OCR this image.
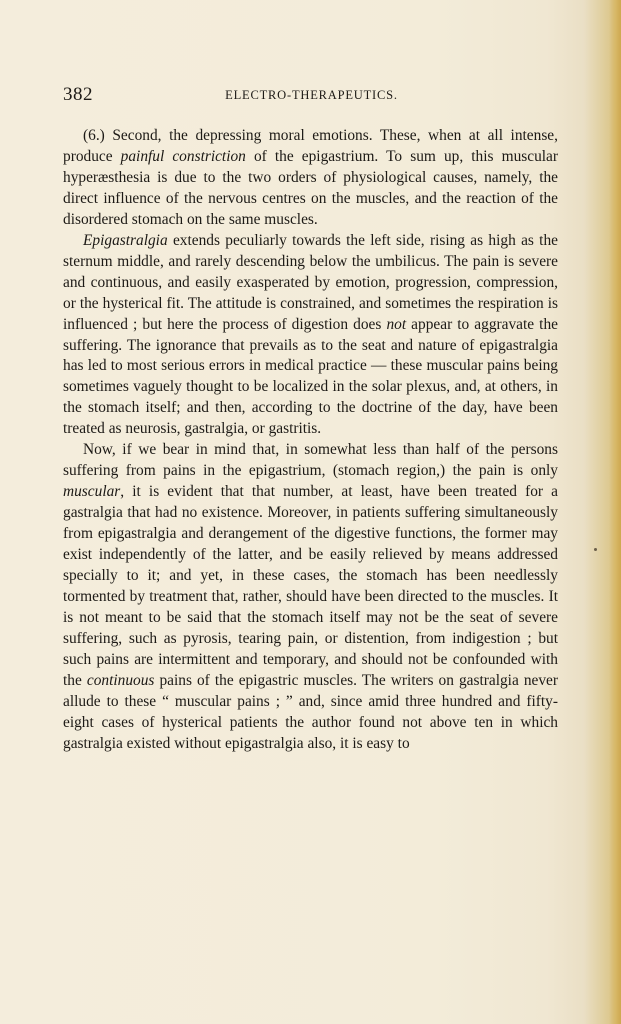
382	ELECTRO-THERAPEUTICS.

(6.) Second, the depressing moral emotions. These, when at all intense, produce painful constriction of the epigastrium. To sum up, this muscular hyperæsthesia is due to the two orders of physiological causes, namely, the direct influence of the nervous centres on the muscles, and the reaction of the disordered stomach on the same muscles.

Epigastralgia extends peculiarly towards the left side, rising as high as the sternum middle, and rarely descending below the umbilicus. The pain is severe and continuous, and easily exasperated by emotion, progression, compression, or the hysterical fit. The attitude is constrained, and sometimes the respiration is influenced ; but here the process of digestion does not appear to aggravate the suffering. The ignorance that prevails as to the seat and nature of epigastralgia has led to most serious errors in medical practice — these muscular pains being sometimes vaguely thought to be localized in the solar plexus, and, at others, in the stomach itself; and then, according to the doctrine of the day, have been treated as neurosis, gastralgia, or gastritis.

Now, if we bear in mind that, in somewhat less than half of the persons suffering from pains in the epigastrium, (stomach region,) the pain is only muscular, it is evident that that number, at least, have been treated for a gastralgia that had no existence. Moreover, in patients suffering simultaneously from epigastralgia and derangement of the digestive functions, the former may exist independently of the latter, and be easily relieved by means addressed specially to it; and yet, in these cases, the stomach has been needlessly tormented by treatment that, rather, should have been directed to the muscles. It is not meant to be said that the stomach itself may not be the seat of severe suffering, such as pyrosis, tearing pain, or distention, from indigestion ; but such pains are intermittent and temporary, and should not be confounded with the continuous pains of the epigastric muscles. The writers on gastralgia never allude to these “ muscular pains ; ” and, since amid three hundred and fifty-eight cases of hysterical patients the author found not above ten in which gastralgia existed without epigastralgia also, it is easy to
